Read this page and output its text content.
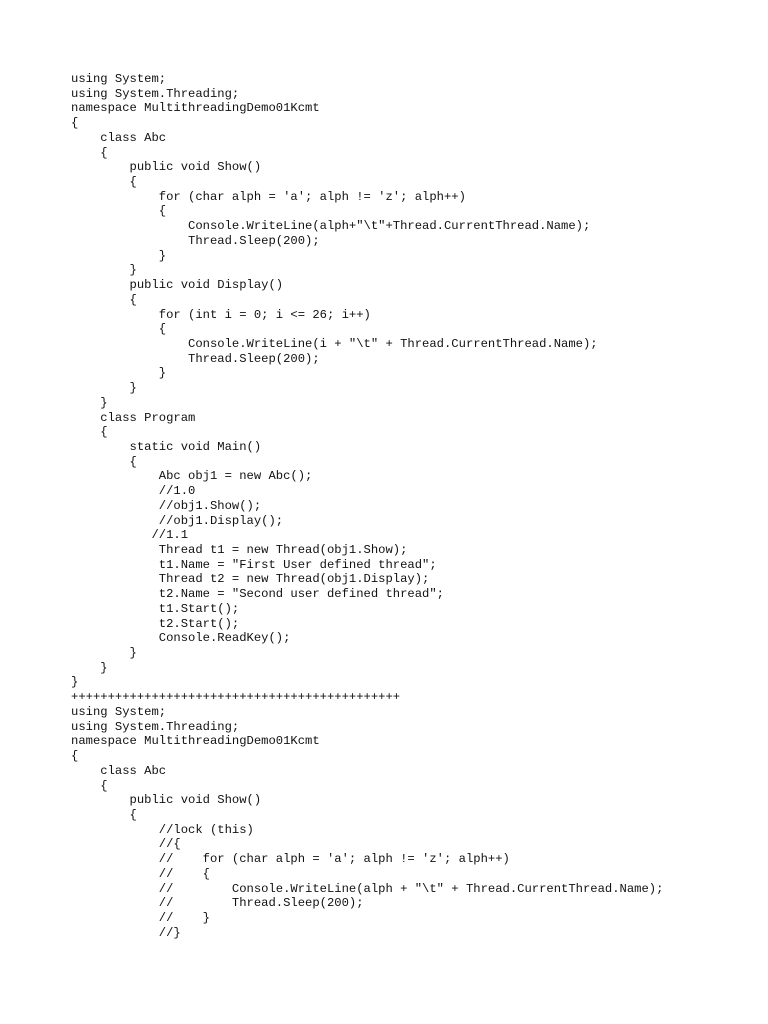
using System;
using System.Threading;
namespace MultithreadingDemo01Kcmt
{
class Abc
{
public void Show()
{
for (char alph = 'a'; alph != 'z'; alph++)
{
Console.WriteLine(alph+"\t"+Thread.CurrentThread.Name);
Thread.Sleep(200);
}
}
public void Display()
{
for (int i = 0; i <= 26; i++)
{
Console.WriteLine(i + "\t" + Thread.CurrentThread.Name);
Thread.Sleep(200);
}
}
}
class Program
{
static void Main()
{
Abc obj1 = new Abc();
//1.0
//obj1.Show();
//obj1.Display();
//1.1
Thread t1 = new Thread(obj1.Show);
t1.Name = "First User defined thread";
Thread t2 = new Thread(obj1.Display);
t2.Name = "Second user defined thread";
t1.Start();
t2.Start();
Console.ReadKey();
}
}
}
+++++++++++++++++++++++++++++++++++++++++++++
using System;
using System.Threading;
namespace MultithreadingDemo01Kcmt
{
class Abc
{
public void Show()
{
//lock (this)
//{
//    for (char alph = 'a'; alph != 'z'; alph++)
//    {
//        Console.WriteLine(alph + "\t" + Thread.CurrentThread.Name);
//        Thread.Sleep(200);
//    }
//}
